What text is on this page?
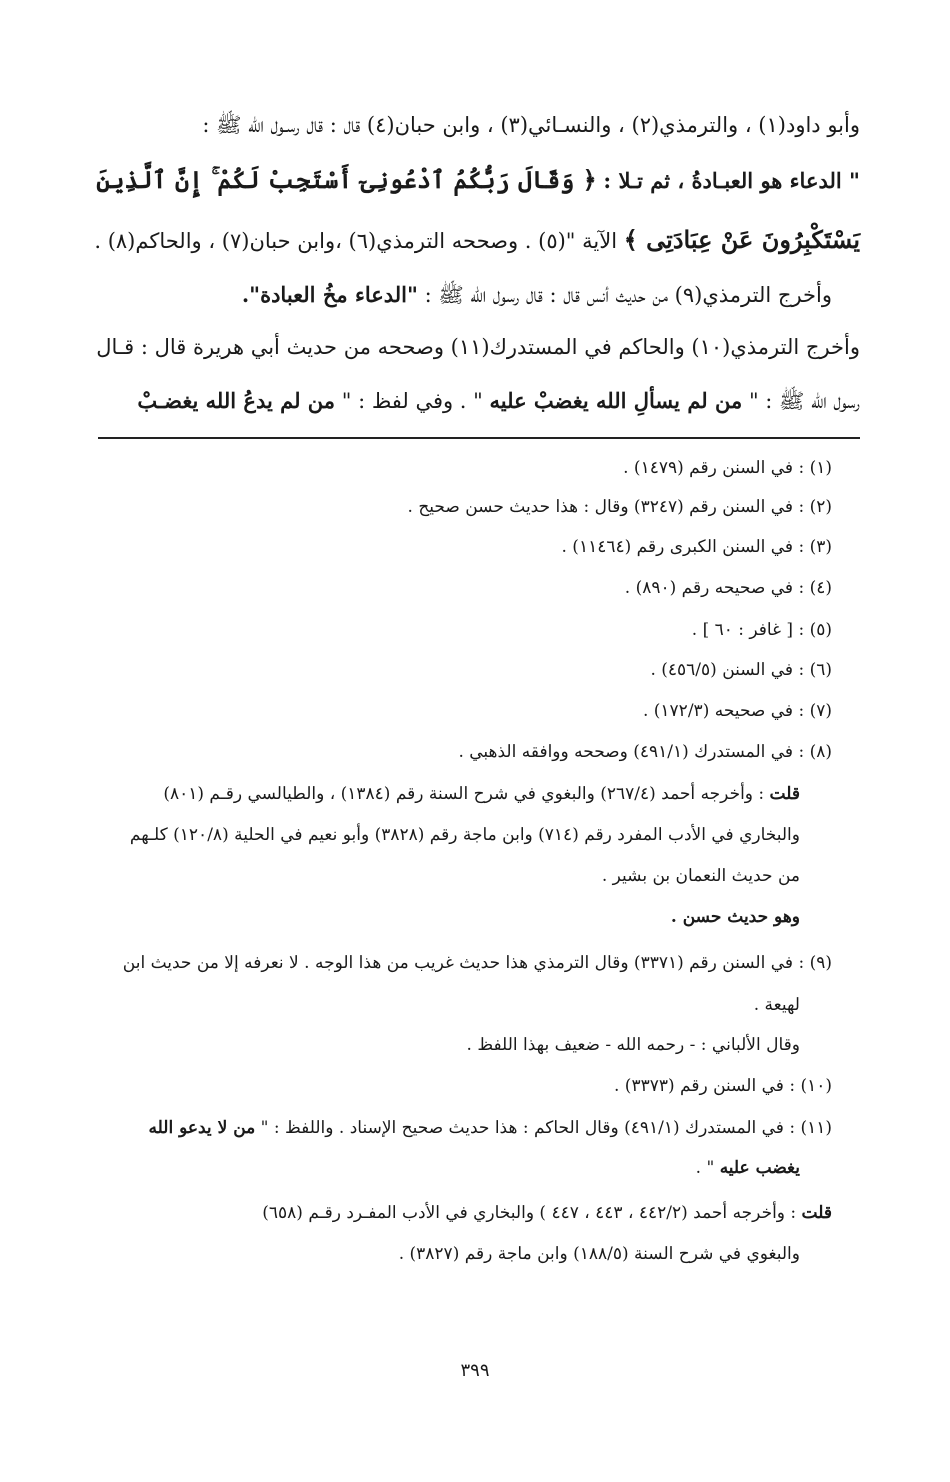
وأبو داود(١) ، والترمذي(٢) ، والنسـائي(٣) ، وابن حبان(٤) قال : قال رسـول الله ﷺ :
" الدعاء هو العبـادةُ ، ثم تـلا : ﴿ وَقَالَ رَبُّكُمُ ٱدْعُونِىٓ أَسْتَجِبْ لَكُمْ ۚ إِنَّ ٱلَّذِينَ
يَسْتَكْبِرُونَ عَنْ عِبَادَتِى ﴾ الآية "(٥) . وصححه الترمذي(٦) ،وابن حبان(٧) ، والحاكم(٨) .
وأخرج الترمذي(٩) من حديث أنس قال : قال رسول الله ﷺ : "الدعاء مخُ العبادة".
وأخرج الترمذي(١٠) والحاكم في المستدرك(١١) وصححه من حديث أبي هريرة قال : قـال
رسول الله ﷺ : " من لم يسألِ الله يغضبْ عليه " . وفي لفظ : " من لم يدعُ الله يغضـبْ
(١) : في السنن رقم (١٤٧٩) .
(٢) : في السنن رقم (٣٢٤٧) وقال : هذا حديث حسن صحيح .
(٣) : في السنن الكبرى رقم (١١٤٦٤) .
(٤) : في صحيحه رقم (٨٩٠) .
(٥) : [ غافر : ٦٠ ] .
(٦) : في السنن (٤٥٦/٥) .
(٧) : في صحيحه (١٧٢/٣) .
(٨) : في المستدرك (٤٩١/١) وصححه ووافقه الذهبي .
قلت : وأخرجه أحمد (٢٦٧/٤) والبغوي في شرح السنة رقم (١٣٨٤) ، والطيالسي رقـم (٨٠١)
والبخاري في الأدب المفرد رقم (٧١٤) وابن ماجة رقم (٣٨٢٨) وأبو نعيم في الحلية (١٢٠/٨) كلـهم
من حديث النعمان بن بشير .
وهو حديث حسن .
(٩) : في السنن رقم (٣٣٧١) وقال الترمذي هذا حديث غريب من هذا الوجه . لا نعرفه إلا من حديث ابن
لهيعة .
وقال الألباني : - رحمه الله - ضعيف بهذا اللفظ .
(١٠) : في السنن رقم (٣٣٧٣) .
(١١) : في المستدرك (٤٩١/١) وقال الحاكم : هذا حديث صحيح الإسناد . واللفظ : " من لا يدعو الله
يغضب عليه " .
قلت : وأخرجه أحمد (٤٤٢/٢ ، ٤٤٣ ، ٤٤٧ ) والبخاري في الأدب المفـرد رقـم (٦٥٨)
والبغوي في شرح السنة (١٨٨/٥) وابن ماجة رقم (٣٨٢٧) .
٣٩٩
